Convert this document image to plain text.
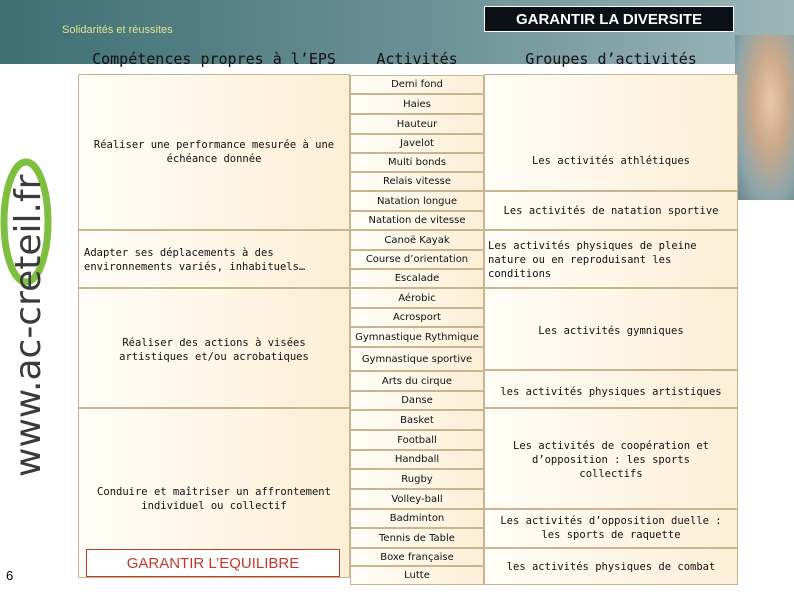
www.ac-creteil.fr
Solidarités et réussites
GARANTIR LA DIVERSITE
Compétences propres à l’EPS	Activités	Groupes d’activités
Demi fond
Haies
Hauteur
Javelot
Multi bonds
Relais vitesse
Natation longue
Natation de vitesse
Canoë Kayak
Course d’orientation
Escalade
Aérobic
Acrosport
Gymnastique Rythmique
Gymnastique sportive
Arts du cirque
Danse
Basket
Football
Handball
Rugby
Volley-ball
Badminton
Tennis de Table
Boxe française
Lutte
Réaliser une performance mesurée à une échéance donnée
Adapter ses déplacements à des environnements variés, inhabituels…
Réaliser des actions à visées artistiques et/ou acrobatiques
Conduire et maîtriser un affrontement individuel ou collectif
Les activités athlétiques
Les activités de natation sportive
Les activités physiques de pleine nature ou en reproduisant les conditions
Les activités gymniques
les activités physiques artistiques
Les activités de coopération et d’opposition : les sports collectifs
Les activités d’opposition duelle : les sports de raquette
les activités physiques de combat
GARANTIR L’EQUILIBRE
6
